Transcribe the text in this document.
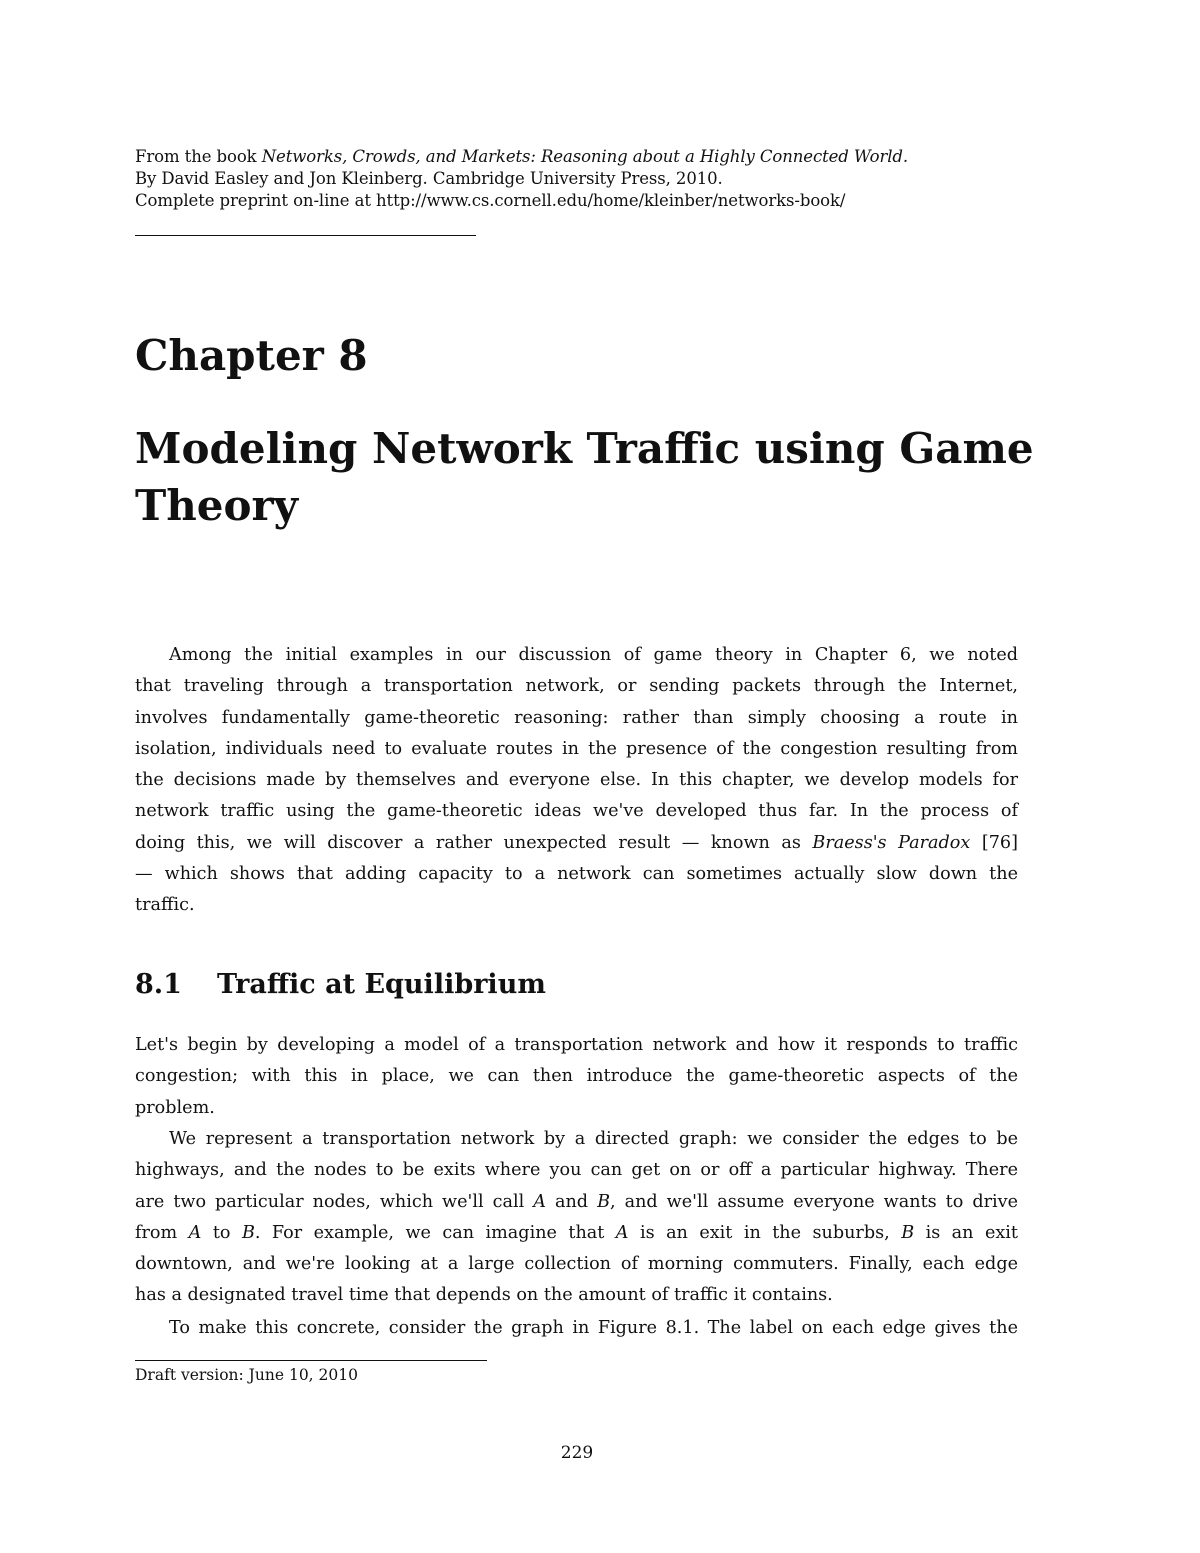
From the book Networks, Crowds, and Markets: Reasoning about a Highly Connected World.
By David Easley and Jon Kleinberg. Cambridge University Press, 2010.
Complete preprint on-line at http://www.cs.cornell.edu/home/kleinber/networks-book/
Chapter 8
Modeling Network Traffic using Game
Theory
Among the initial examples in our discussion of game theory in Chapter 6, we noted
that traveling through a transportation network, or sending packets through the Internet,
involves fundamentally game-theoretic reasoning: rather than simply choosing a route in
isolation, individuals need to evaluate routes in the presence of the congestion resulting from
the decisions made by themselves and everyone else. In this chapter, we develop models for
network traffic using the game-theoretic ideas we've developed thus far. In the process of
doing this, we will discover a rather unexpected result — known as Braess's Paradox [76]
— which shows that adding capacity to a network can sometimes actually slow down the
traffic.
8.1 Traffic at Equilibrium
Let's begin by developing a model of a transportation network and how it responds to traffic
congestion; with this in place, we can then introduce the game-theoretic aspects of the
problem.
We represent a transportation network by a directed graph: we consider the edges to be
highways, and the nodes to be exits where you can get on or off a particular highway. There
are two particular nodes, which we'll call A and B, and we'll assume everyone wants to drive
from A to B. For example, we can imagine that A is an exit in the suburbs, B is an exit
downtown, and we're looking at a large collection of morning commuters. Finally, each edge
has a designated travel time that depends on the amount of traffic it contains.
To make this concrete, consider the graph in Figure 8.1. The label on each edge gives the
Draft version: June 10, 2010
229
